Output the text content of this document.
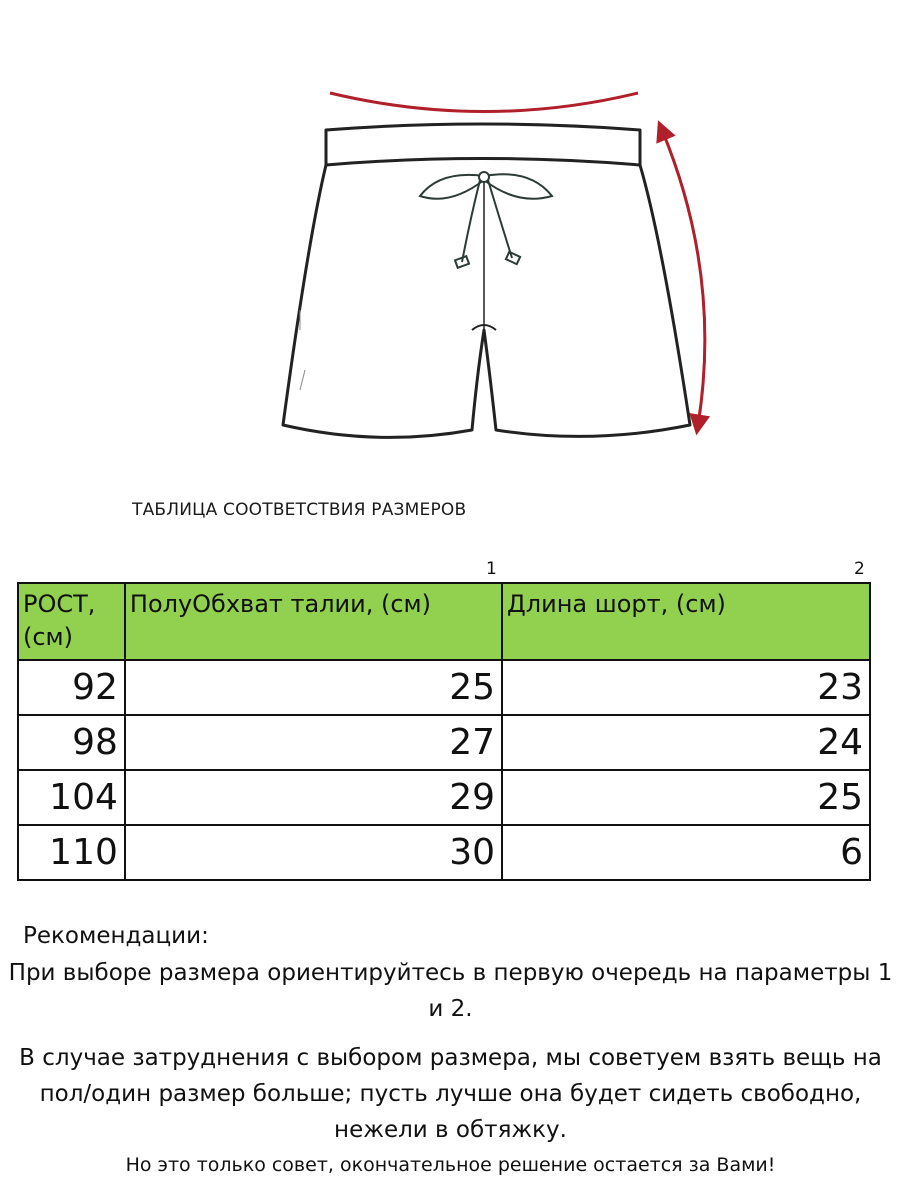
ТАБЛИЦА СООТВЕТСТВИЯ РАЗМЕРОВ
1	2
РОСТ, (см)	ПолуОбхват талии, (см)	Длина шорт, (см)
92	25	23
98	27	24
104	29	25
110	30	6
Рекомендации:
При выборе размера ориентируйтесь в первую очередь на параметры 1 и 2.
В случае затруднения с выбором размера, мы советуем взять вещь на пол/один размер больше; пусть лучше она будет сидеть свободно, нежели в обтяжку.
Но это только совет, окончательное решение остается за Вами!
